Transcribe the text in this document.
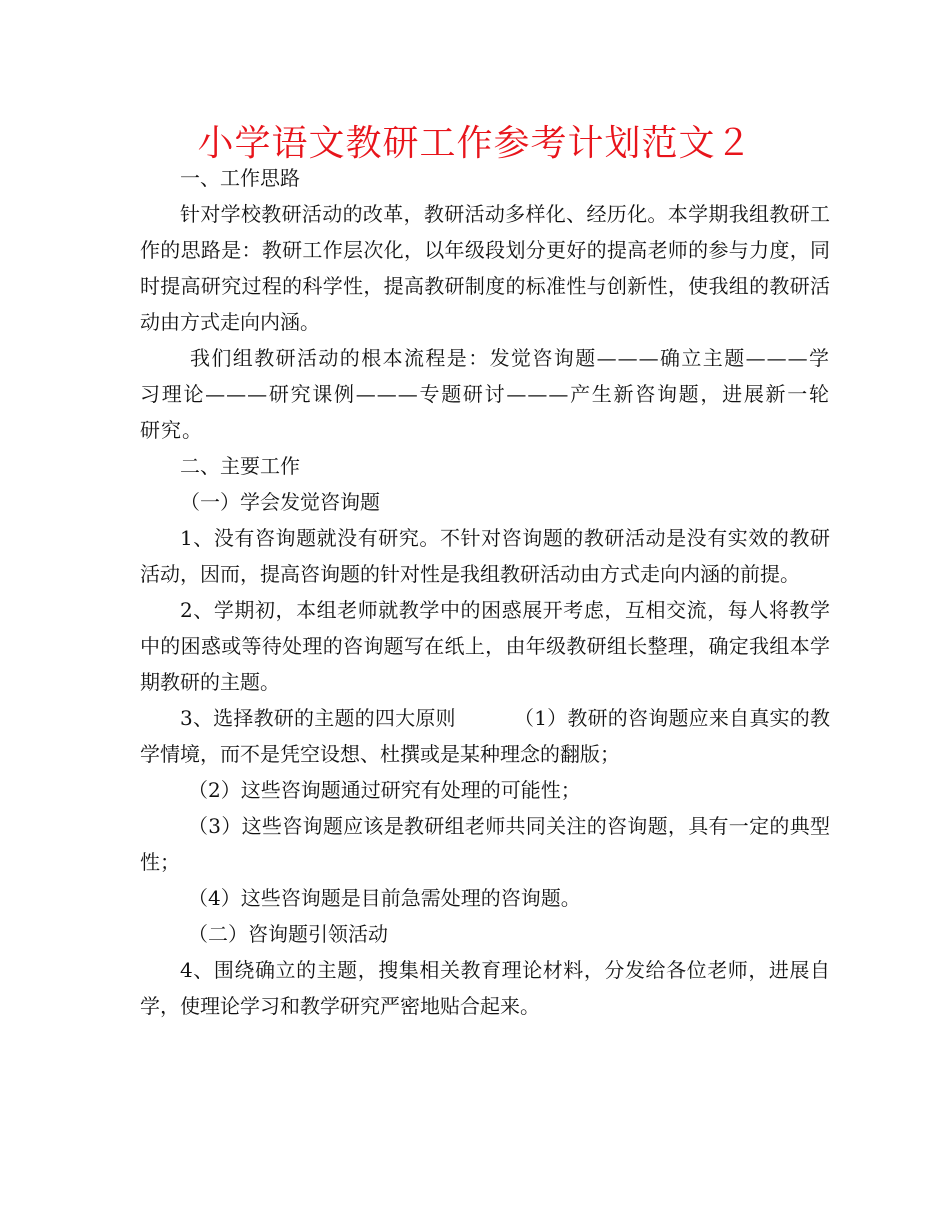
小学语文教研工作参考计划范文２

一、工作思路

针对学校教研活动的改革，教研活动多样化、经历化。本学期我组教研工作的思路是：教研工作层次化，以年级段划分更好的提高老师的参与力度，同时提高研究过程的科学性，提高教研制度的标准性与创新性，使我组的教研活动由方式走向内涵。

我们组教研活动的根本流程是：发觉咨询题———确立主题———学习理论———研究课例———专题研讨———产生新咨询题，进展新一轮研究。

二、主要工作

（一）学会发觉咨询题

1、没有咨询题就没有研究。不针对咨询题的教研活动是没有实效的教研活动，因而，提高咨询题的针对性是我组教研活动由方式走向内涵的前提。

2、学期初，本组老师就教学中的困惑展开考虑，互相交流，每人将教学中的困惑或等待处理的咨询题写在纸上，由年级教研组长整理，确定我组本学期教研的主题。

3、选择教研的主题的四大原则	（1）教研的咨询题应来自真实的教学情境，而不是凭空设想、杜撰或是某种理念的翻版；

（2）这些咨询题通过研究有处理的可能性；

（3）这些咨询题应该是教研组老师共同关注的咨询题，具有一定的典型性；

（4）这些咨询题是目前急需处理的咨询题。

（二）咨询题引领活动

4、围绕确立的主题，搜集相关教育理论材料，分发给各位老师，进展自学，使理论学习和教学研究严密地贴合起来。
